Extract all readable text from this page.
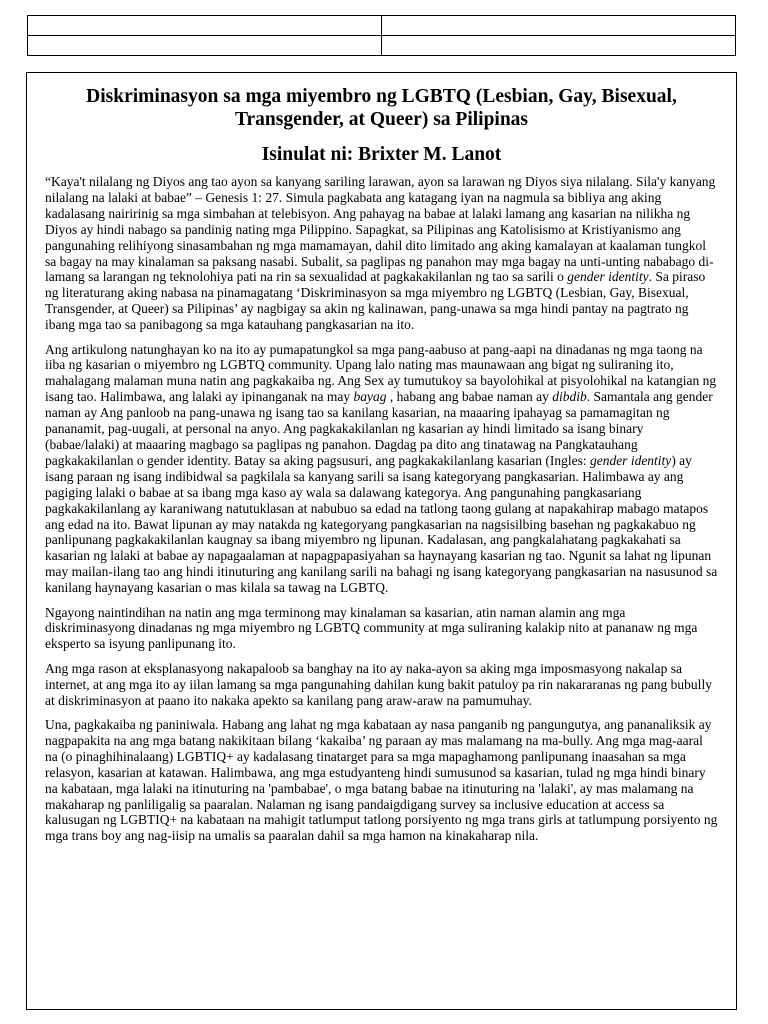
Diskriminasyon sa mga miyembro ng LGBTQ (Lesbian, Gay, Bisexual, Transgender, at Queer) sa Pilipinas
Isinulat ni: Brixter M. Lanot

“Kaya't nilalang ng Diyos ang tao ayon sa kanyang sariling larawan, ayon sa larawan ng Diyos siya nilalang. Sila'y kanyang nilalang na lalaki at babae” – Genesis 1: 27. Simula pagkabata ang katagang iyan na nagmula sa bibliya ang aking kadalasang nairirinig sa mga simbahan at telebisyon. Ang pahayag na babae at lalaki lamang ang kasarian na nilikha ng Diyos ay hindi nabago sa pandinig nating mga Pilippino. Sapagkat, sa Pilipinas ang Katolisismo at Kristiyanismo ang pangunahing relihiyong sinasambahan ng mga mamamayan, dahil dito limitado ang aking kamalayan at kaalaman tungkol sa bagay na may kinalaman sa paksang nasabi. Subalit, sa paglipas ng panahon may mga bagay na unti-unting nababago di-lamang sa larangan ng teknolohiya pati na rin sa sexualidad at pagkakakilanlan ng tao sa sarili o gender identity. Sa piraso ng literaturang aking nabasa na pinamagatang ‘Diskriminasyon sa mga miyembro ng LGBTQ (Lesbian, Gay, Bisexual, Transgender, at Queer) sa Pilipinas’ ay nagbigay sa akin ng kalinawan, pang-unawa sa mga hindi pantay na pagtrato ng ibang mga tao sa panibagong sa mga katauhang pangkasarian na ito.

Ang artikulong natunghayan ko na ito ay pumapatungkol sa mga pang-aabuso at pang-aapi na dinadanas ng mga taong na iiba ng kasarian o miyembro ng LGBTQ community. Upang lalo nating mas maunawaan ang bigat ng suliraning ito, mahalagang malaman muna natin ang pagkakaiba ng. Ang Sex ay tumutukoy sa bayolohikal at pisyolohikal na katangian ng isang tao. Halimbawa, ang lalaki ay ipinanganak na may bayag , habang ang babae naman ay dibdib. Samantala ang gender naman ay Ang panloob na pang-unawa ng isang tao sa kanilang kasarian, na maaaring ipahayag sa pamamagitan ng pananamit, pag-uugali, at personal na anyo. Ang pagkakakilanlan ng kasarian ay hindi limitado sa isang binary (babae/lalaki) at maaaring magbago sa paglipas ng panahon. Dagdag pa dito ang tinatawag na Pangkatauhang pagkakakilanlan o gender identity. Batay sa aking pagsusuri, ang pagkakakilanlang kasarian (Ingles: gender identity) ay isang paraan ng isang indibidwal sa pagkilala sa kanyang sarili sa isang kategoryang pangkasarian. Halimbawa ay ang pagiging lalaki o babae at sa ibang mga kaso ay wala sa dalawang kategorya. Ang pangunahing pangkasariang pagkakakilanlang ay karaniwang natutuklasan at nabubuo sa edad na tatlong taong gulang at napakahirap mabago matapos ang edad na ito. Bawat lipunan ay may natakda ng kategoryang pangkasarian na nagsisilbing basehan ng pagkakabuo ng panlipunang pagkakakilanlan kaugnay sa ibang miyembro ng lipunan. Kadalasan, ang pangkalahatang pagkakahati sa kasarian ng lalaki at babae ay napagaalaman at napagpapasiyahan sa haynayang kasarian ng tao. Ngunit sa lahat ng lipunan may mailan-ilang tao ang hindi itinuturing ang kanilang sarili na bahagi ng isang kategoryang pangkasarian na nasusunod sa kanilang haynayang kasarian o mas kilala sa tawag na LGBTQ.

Ngayong naintindihan na natin ang mga terminong may kinalaman sa kasarian, atin naman alamin ang mga diskriminasyong dinadanas ng mga miyembro ng LGBTQ community at mga suliraning kalakip nito at pananaw ng mga eksperto sa isyung panlipunang ito.

Ang mga rason at eksplanasyong nakapaloob sa banghay na ito ay naka-ayon sa aking mga imposmasyong nakalap sa internet, at ang mga ito ay iilan lamang sa mga pangunahing dahilan kung bakit patuloy pa rin nakararanas ng pang bubully at diskriminasyon at paano ito nakaka apekto sa kanilang pang araw-araw na pamumuhay.

Una, pagkakaiba ng paniniwala. Habang ang lahat ng mga kabataan ay nasa panganib ng pangungutya, ang pananaliksik ay nagpapakita na ang mga batang nakikitaan bilang ‘kakaiba’ ng paraan ay mas malamang na ma-bully. Ang mga mag-aaral na (o pinaghihinalaang) LGBTIQ+ ay kadalasang tinatarget para sa mga mapaghamong panlipunang inaasahan sa mga relasyon, kasarian at katawan. Halimbawa, ang mga estudyanteng hindi sumusunod sa kasarian, tulad ng mga hindi binary na kabataan, mga lalaki na itinuturing na 'pambabae', o mga batang babae na itinuturing na 'lalaki', ay mas malamang na makaharap ng panliligalig sa paaralan. Nalaman ng isang pandaigdigang survey sa inclusive education at access sa kalusugan ng LGBTIQ+ na kabataan na mahigit tatlumput tatlong porsiyento ng mga trans girls at tatlumpung porsiyento ng mga trans boy ang nag-iisip na umalis sa paaralan dahil sa mga hamon na kinakaharap nila.
